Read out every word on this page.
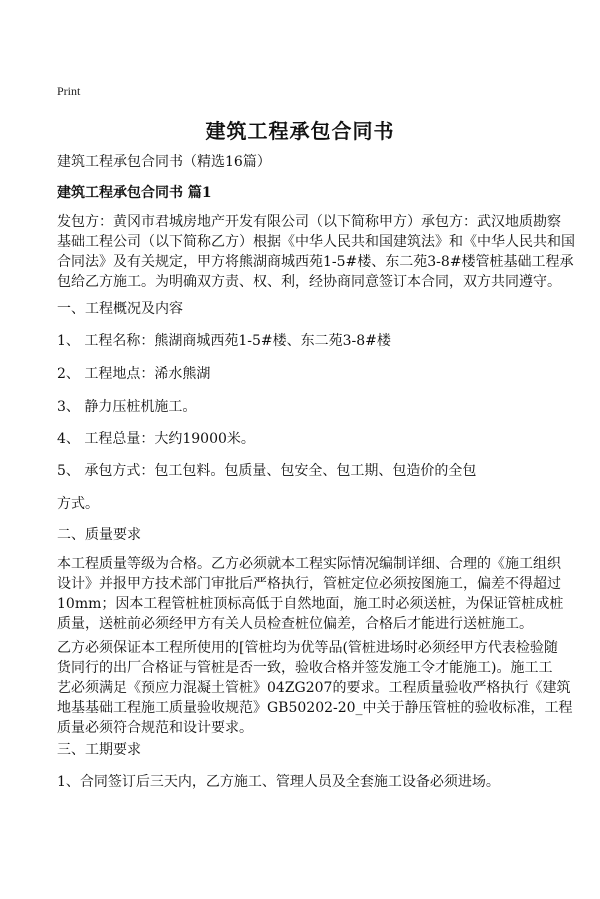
Print
建筑工程承包合同书
建筑工程承包合同书（精选16篇）
建筑工程承包合同书 篇1
发包方：黄冈市君城房地产开发有限公司（以下简称甲方）承包方：武汉地质勘察
基础工程公司（以下简称乙方）根据《中华人民共和国建筑法》和《中华人民共和国
合同法》及有关规定，甲方将熊湖商城西苑1-5#楼、东二苑3-8#楼管桩基础工程承
包给乙方施工。为明确双方责、权、利，经协商同意签订本合同，双方共同遵守。
一、工程概况及内容
1、 工程名称：熊湖商城西苑1-5#楼、东二苑3-8#楼
2、 工程地点：浠水熊湖
3、 静力压桩机施工。
4、 工程总量：大约19000米。
5、 承包方式：包工包料。包质量、包安全、包工期、包造价的全包
方式。
二、质量要求
本工程质量等级为合格。乙方必须就本工程实际情况编制详细、合理的《施工组织
设计》并报甲方技术部门审批后严格执行，管桩定位必须按图施工，偏差不得超过
10mm；因本工程管桩桩顶标高低于自然地面，施工时必须送桩，为保证管桩成桩
质量，送桩前必须经甲方有关人员检查桩位偏差，合格后才能进行送桩施工。
乙方必须保证本工程所使用的[管桩均为优等品(管桩进场时必须经甲方代表检验随
货同行的出厂合格证与管桩是否一致，验收合格并签发施工令才能施工)。施工工
艺必须满足《预应力混凝土管桩》04ZG207的要求。工程质量验收严格执行《建筑
地基基础工程施工质量验收规范》GB50202-20_中关于静压管桩的验收标准，工程
质量必须符合规范和设计要求。
三、工期要求
1、合同签订后三天内，乙方施工、管理人员及全套施工设备必须进场。
